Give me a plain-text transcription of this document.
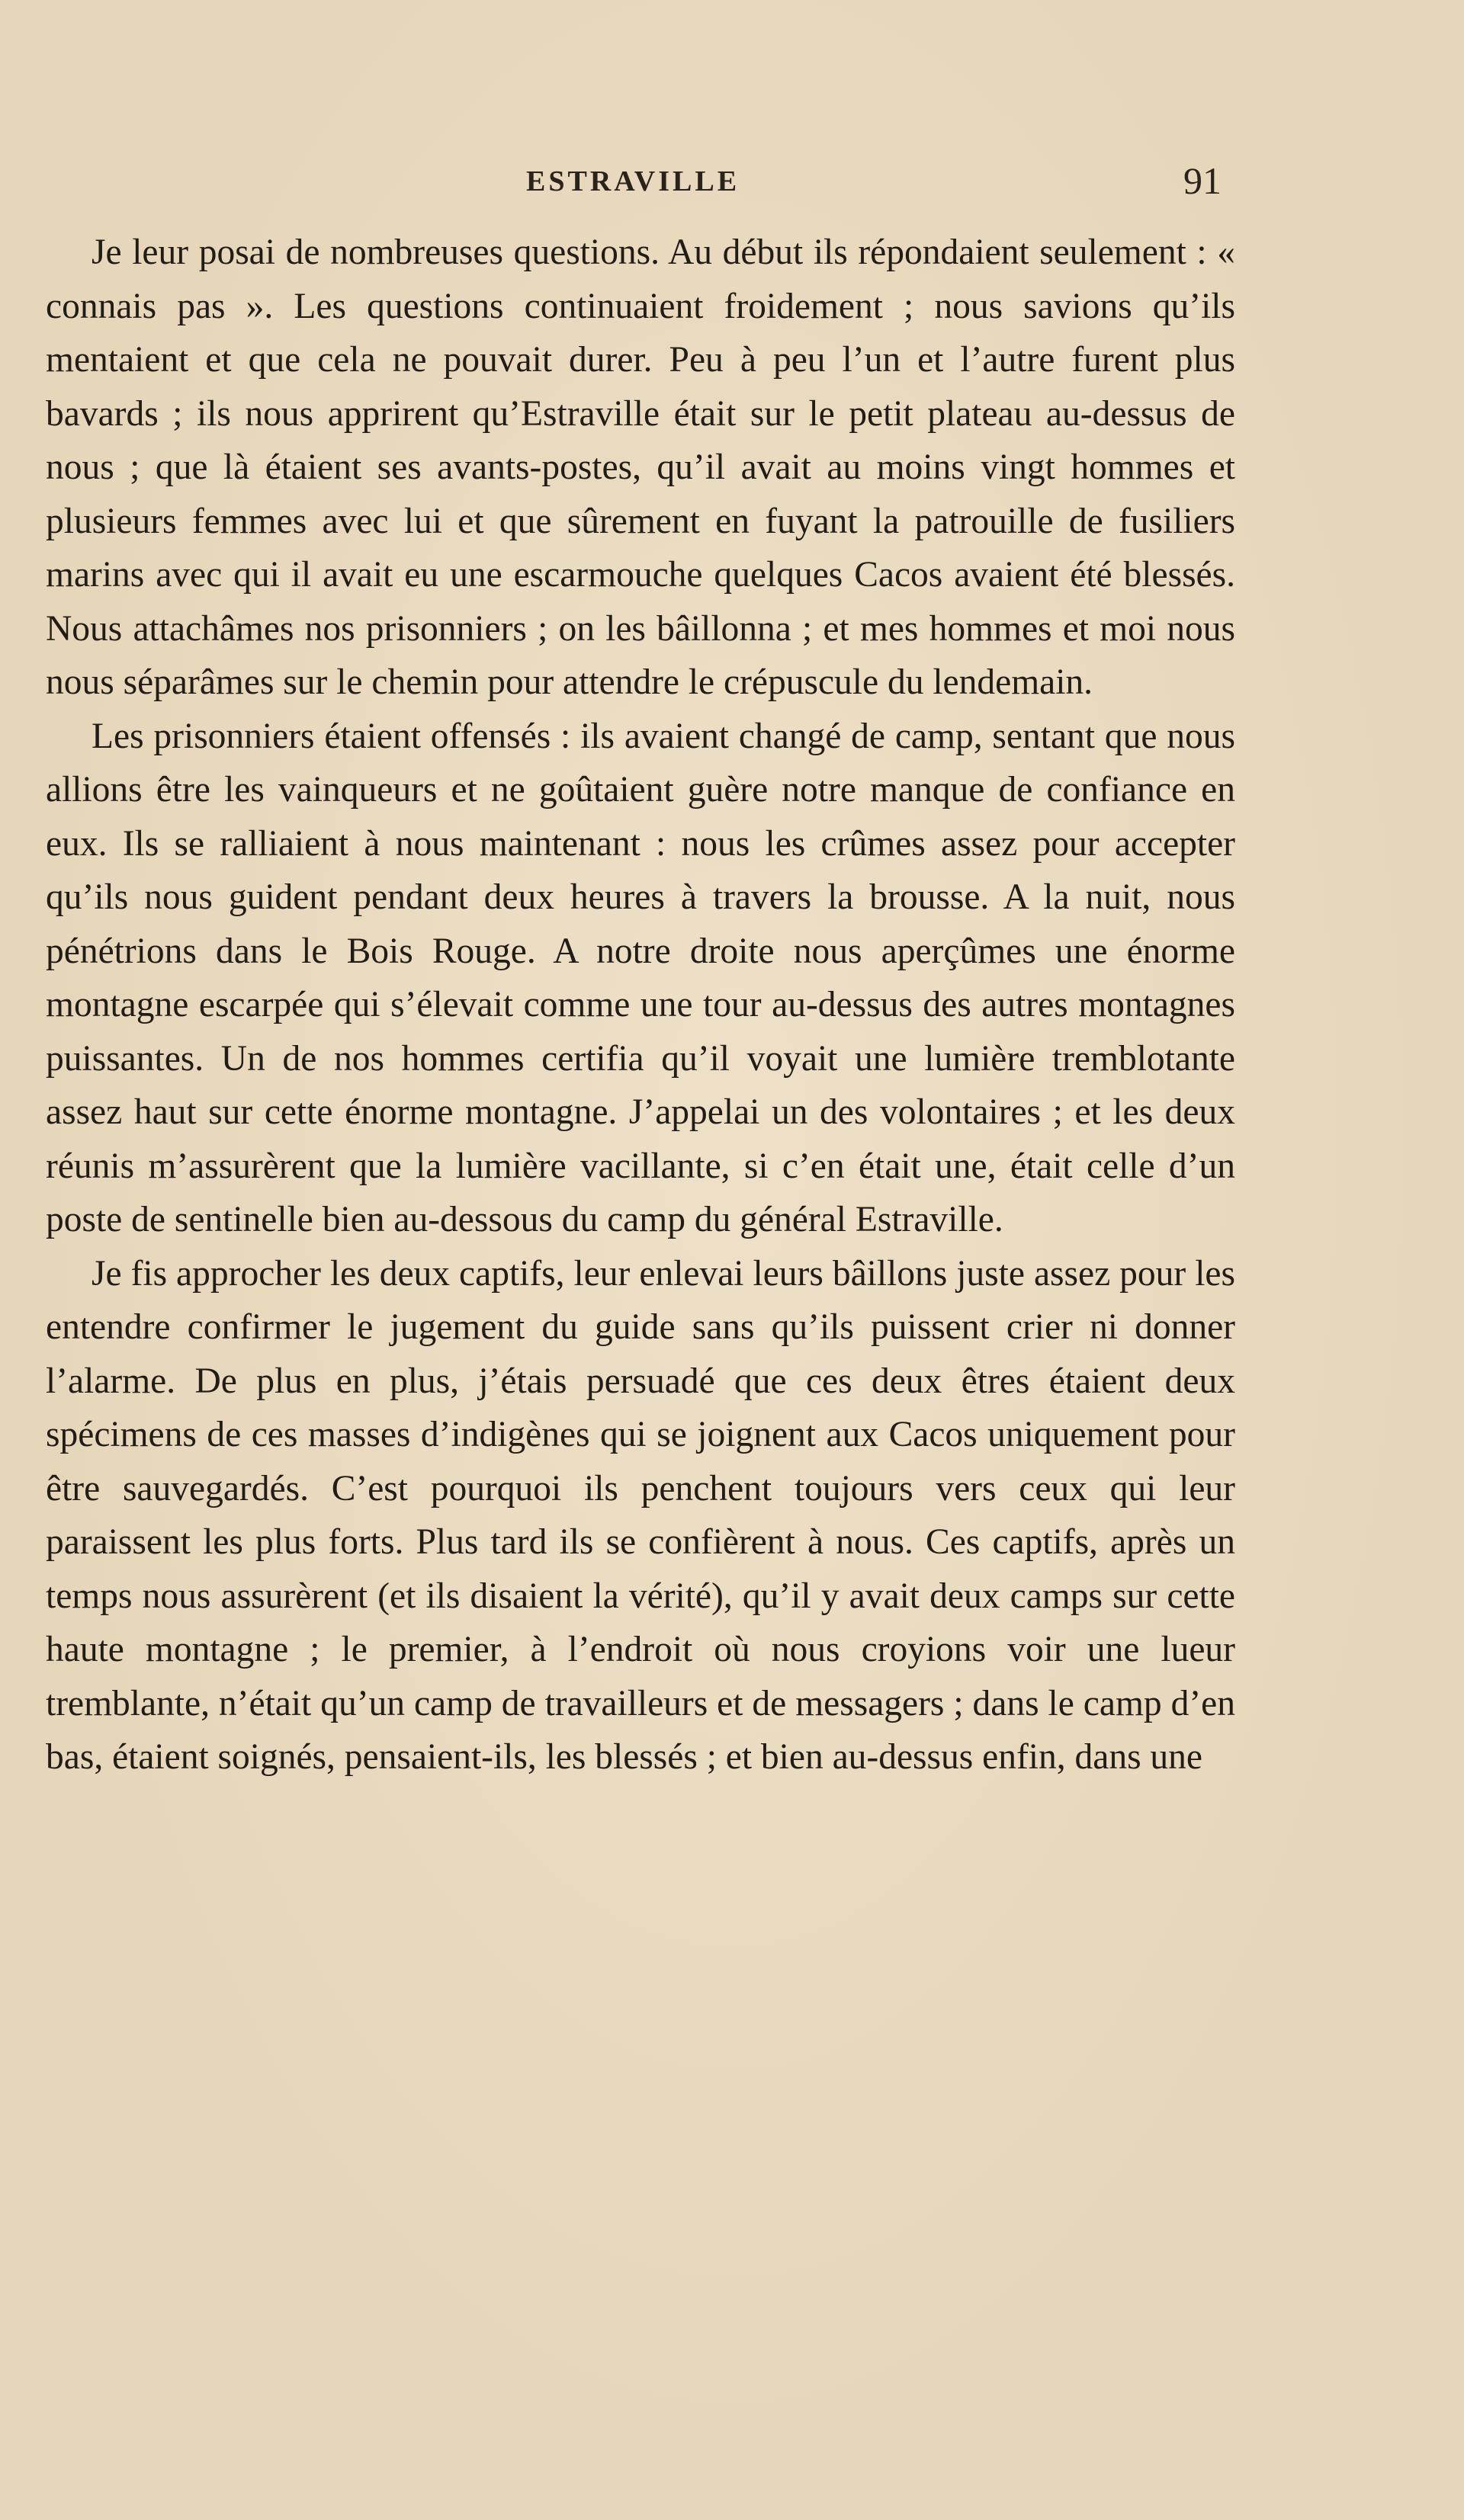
ESTRAVILLE	91

Je leur posai de nombreuses questions. Au début ils répondaient seulement : « connais pas ». Les questions continuaient froidement ; nous savions qu’ils mentaient et que cela ne pouvait durer. Peu à peu l’un et l’autre furent plus bavards ; ils nous apprirent qu’Estraville était sur le petit plateau au-dessus de nous ; que là étaient ses avants-postes, qu’il avait au moins vingt hommes et plusieurs femmes avec lui et que sûrement en fuyant la patrouille de fusiliers marins avec qui il avait eu une escarmouche quelques Cacos avaient été blessés. Nous attachâmes nos prisonniers ; on les bâillonna ; et mes hommes et moi nous nous séparâmes sur le chemin pour attendre le crépuscule du lendemain.

Les prisonniers étaient offensés : ils avaient changé de camp, sentant que nous allions être les vainqueurs et ne goûtaient guère notre manque de confiance en eux. Ils se ralliaient à nous maintenant : nous les crûmes assez pour accepter qu’ils nous guident pendant deux heures à travers la brousse. A la nuit, nous pénétrions dans le Bois Rouge. A notre droite nous aperçûmes une énorme montagne escarpée qui s’élevait comme une tour au-dessus des autres montagnes puissantes. Un de nos hommes certifia qu’il voyait une lumière tremblotante assez haut sur cette énorme montagne. J’appelai un des volontaires ; et les deux réunis m’assurèrent que la lumière vacillante, si c’en était une, était celle d’un poste de sentinelle bien au-dessous du camp du général Estraville.

Je fis approcher les deux captifs, leur enlevai leurs bâillons juste assez pour les entendre confirmer le jugement du guide sans qu’ils puissent crier ni donner l’alarme. De plus en plus, j’étais persuadé que ces deux êtres étaient deux spécimens de ces masses d’indigènes qui se joignent aux Cacos uniquement pour être sauvegardés. C’est pourquoi ils penchent toujours vers ceux qui leur paraissent les plus forts. Plus tard ils se confièrent à nous. Ces captifs, après un temps nous assurèrent (et ils disaient la vérité), qu’il y avait deux camps sur cette haute montagne ; le premier, à l’endroit où nous croyions voir une lueur tremblante, n’était qu’un camp de travailleurs et de messagers ; dans le camp d’en bas, étaient soignés, pensaient-ils, les blessés ; et bien au-dessus enfin, dans une
